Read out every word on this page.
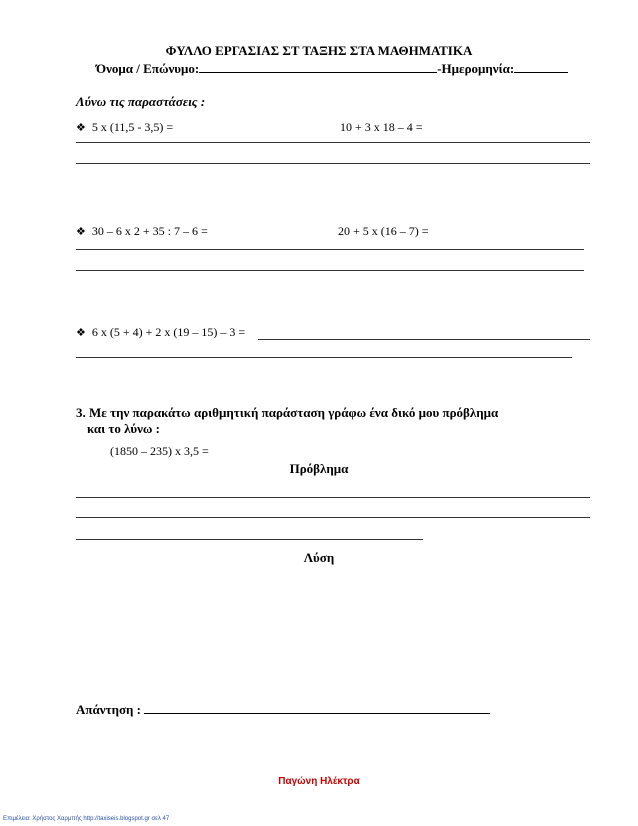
ΦΥΛΛΟ ΕΡΓΑΣΙΑΣ ΣΤ ΤΑΞΗΣ ΣΤΑ ΜΑΘΗΜΑΤΙΚΑ
Όνομα / Επώνυμο:	-Ημερομηνία:
Λύνω τις παραστάσεις :
❖ 5 x (11,5 - 3,5) =	10 + 3 x 18 – 4 =
❖ 30 – 6 x 2 + 35 : 7 – 6 =	20 + 5 x (16 – 7) =
❖ 6 x (5 + 4) + 2 x (19 – 15) – 3 =
3. Με την παρακάτω αριθμητική παράσταση γράφω ένα δικό μου πρόβλημα
και το λύνω :
(1850 – 235) x 3,5 =
Πρόβλημα
Λύση
Απάντηση :
Παγώνη Ηλέκτρα
Επιμέλεια: Χρήστος Χαρμπής http://taxiseis.blogspot.gr σελ 47
